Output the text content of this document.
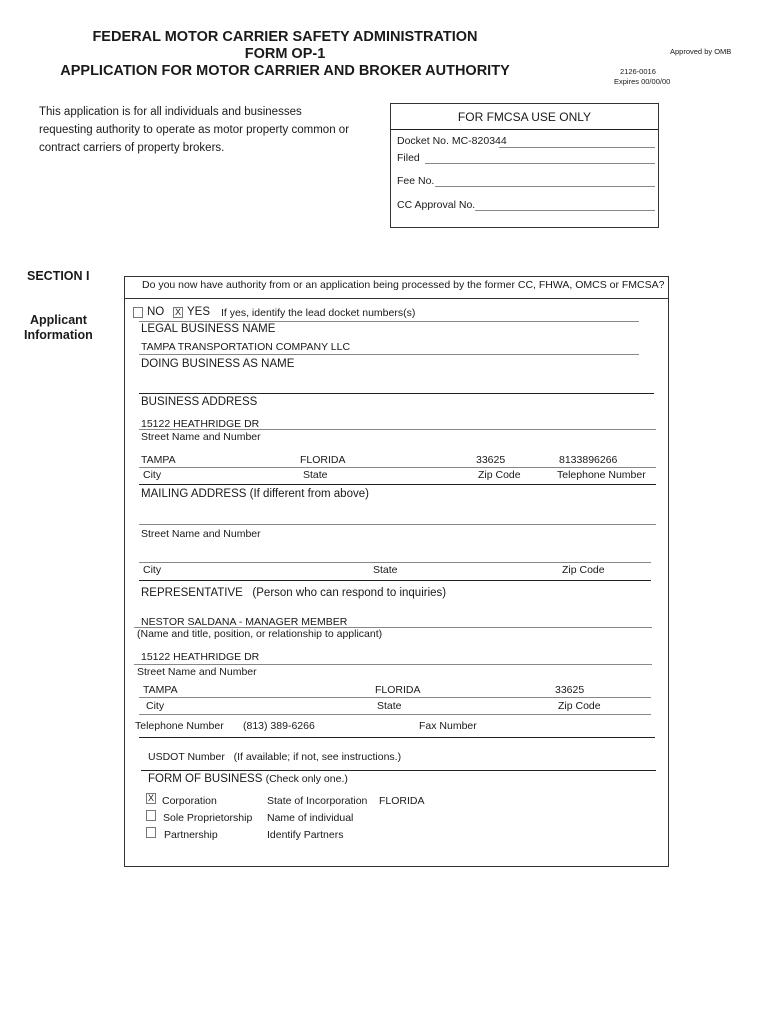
FEDERAL MOTOR CARRIER SAFETY ADMINISTRATION
FORM OP-1
APPLICATION FOR MOTOR CARRIER AND BROKER AUTHORITY
Approved by OMB
2126-0016
Expires 00/00/00
This application is for all individuals and businesses
requesting authority to operate as motor property common or
contract carriers of property brokers.
FOR FMCSA USE ONLY
Docket No. MC-820344
Filed
Fee No.
CC Approval No.
SECTION I
Applicant
Information
Do you now have authority from or an application being processed by the former CC, FHWA, OMCS or FMCSA?
NO X YES If yes, identify the lead docket numbers(s)
LEGAL BUSINESS NAME
TAMPA TRANSPORTATION COMPANY LLC
DOING BUSINESS AS NAME
BUSINESS ADDRESS
15122 HEATHRIDGE DR
Street Name and Number
TAMPA	FLORIDA	33625	8133896266
City	State	Zip Code	Telephone Number
MAILING ADDRESS (If different from above)
Street Name and Number
City	State	Zip Code
REPRESENTATIVE (Person who can respond to inquiries)
NESTOR SALDANA - MANAGER MEMBER
(Name and title, position, or relationship to applicant)
15122 HEATHRIDGE DR
Street Name and Number
TAMPA	FLORIDA	33625
City	State	Zip Code
Telephone Number (813) 389-6266	Fax Number
USDOT Number (If available; if not, see instructions.)
FORM OF BUSINESS (Check only one.)
X Corporation	State of Incorporation FLORIDA
Sole Proprietorship Name of individual
Partnership	Identify Partners
